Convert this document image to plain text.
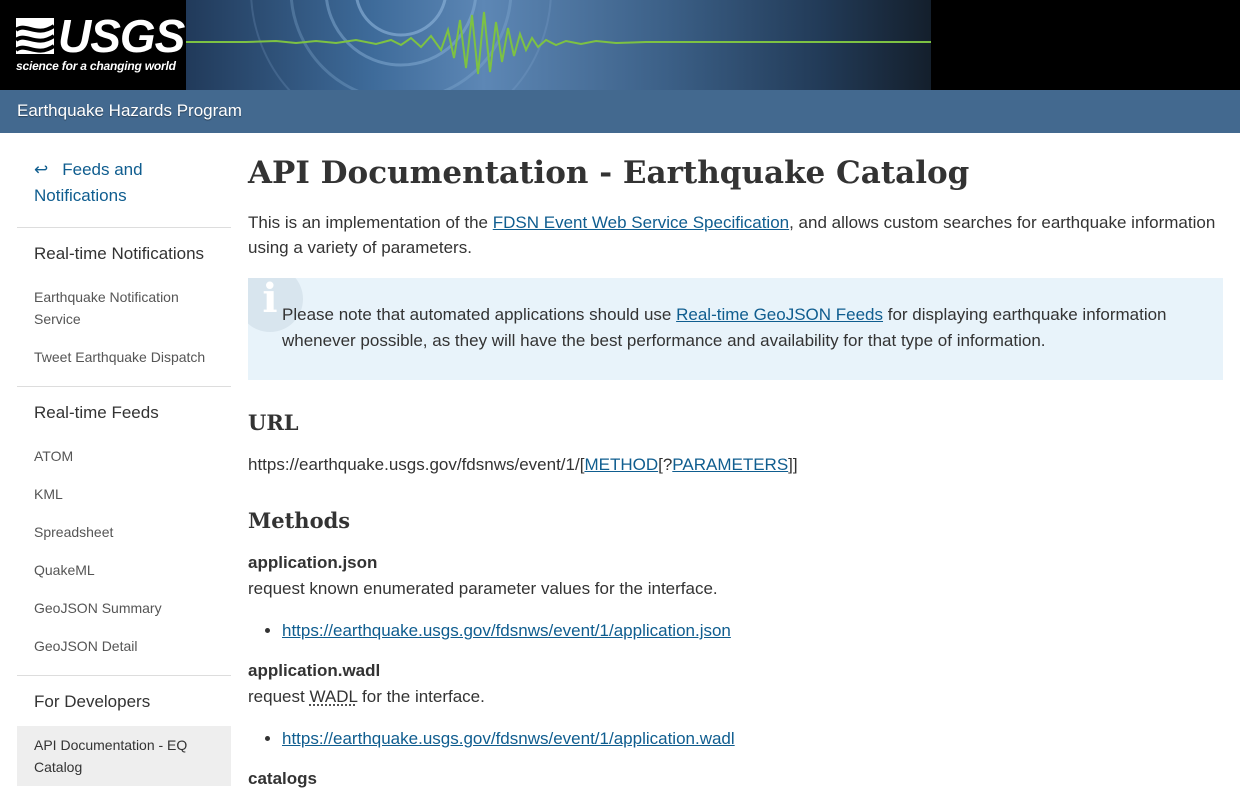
USGS
science for a changing world
Earthquake Hazards Program
↩ Feeds and Notifications
Real-time Notifications
Earthquake Notification Service
Tweet Earthquake Dispatch
Real-time Feeds
ATOM
KML
Spreadsheet
QuakeML
GeoJSON Summary
GeoJSON Detail
For Developers
API Documentation - EQ Catalog
API Documentation - Earthquake Catalog

This is an implementation of the FDSN Event Web Service Specification, and allows custom searches for earthquake information using a variety of parameters.

i Please note that automated applications should use Real-time GeoJSON Feeds for displaying earthquake information whenever possible, as they will have the best performance and availability for that type of information.

URL

https://earthquake.usgs.gov/fdsnws/event/1/[METHOD[?PARAMETERS]]

Methods
application.json
request known enumerated parameter values for the interface.
• https://earthquake.usgs.gov/fdsnws/event/1/application.json
application.wadl
request WADL for the interface.
• https://earthquake.usgs.gov/fdsnws/event/1/application.wadl
catalogs
